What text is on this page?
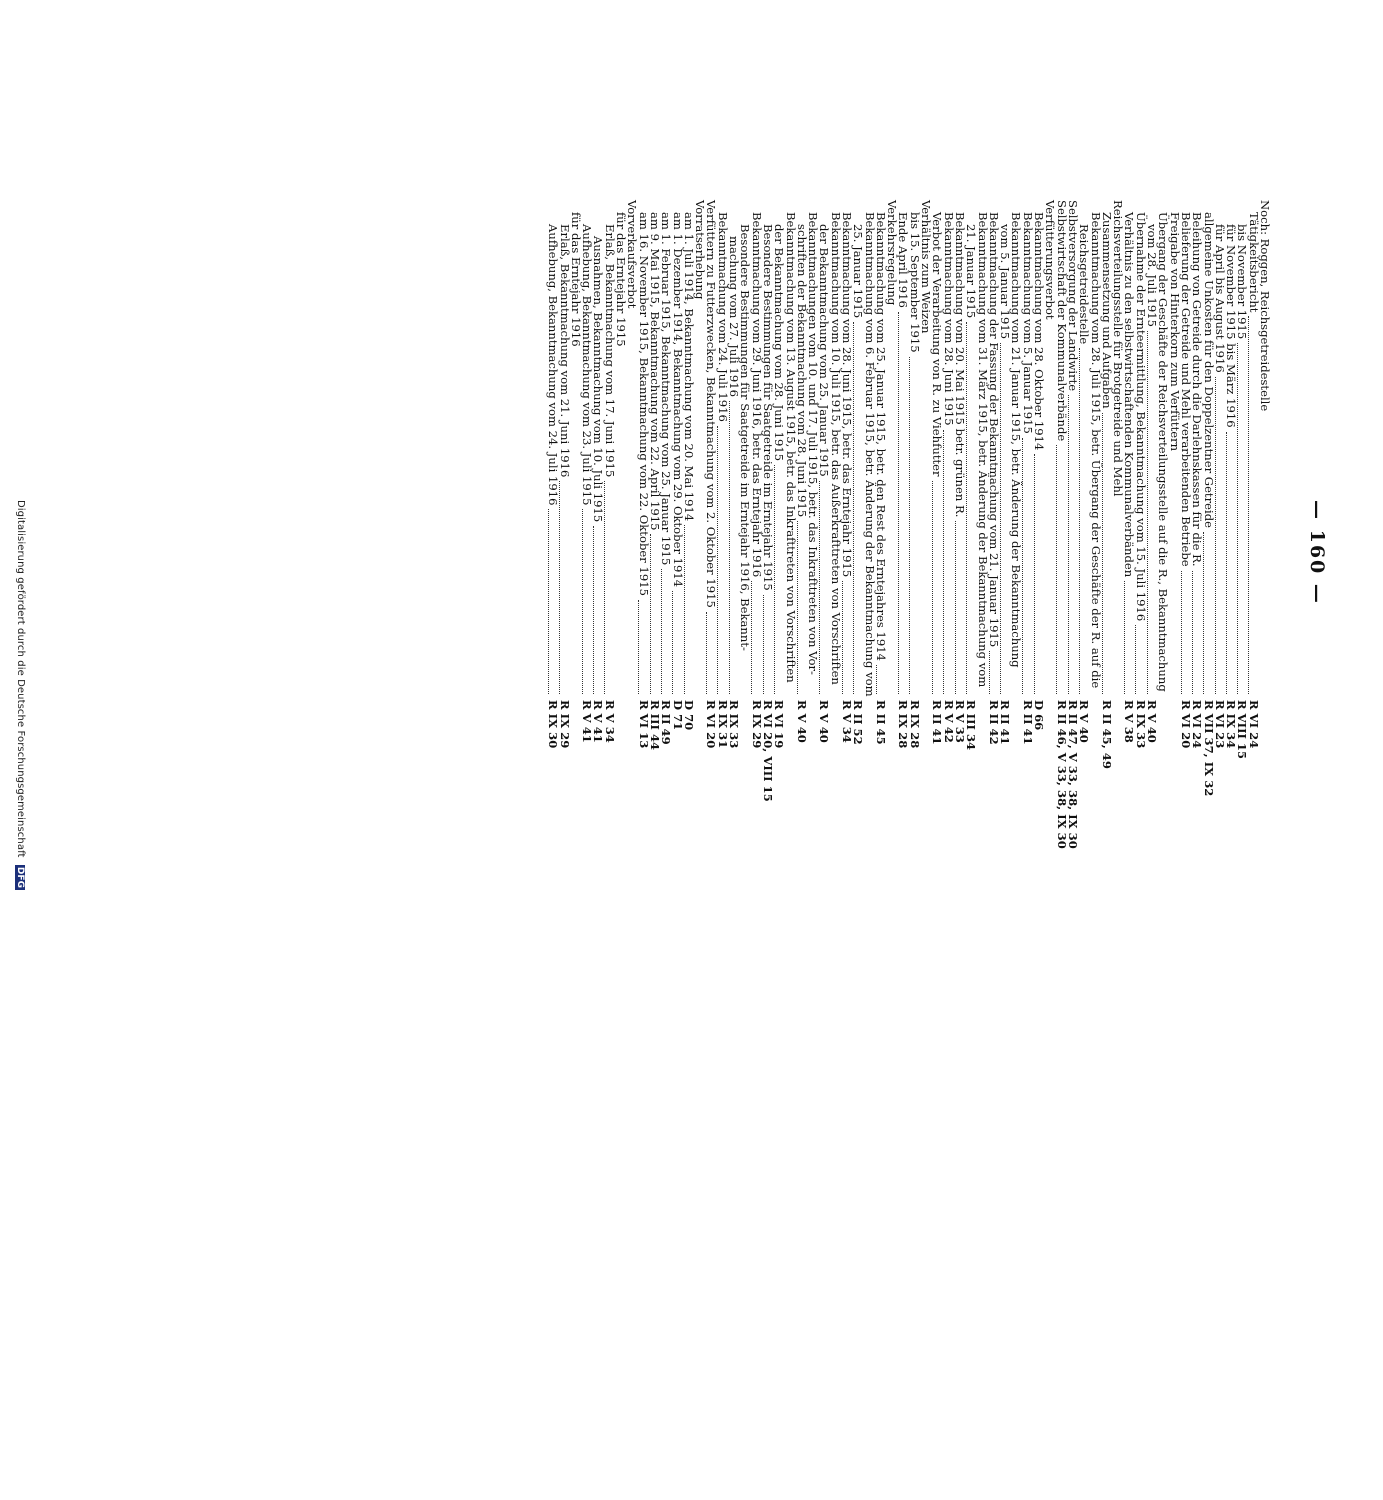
Digitalisierung gefördert durch die Deutsche Forschungsgemeinschaft DFG
— 160 —
Noch: Roggen, Reichsgetreidestelle
Tätigkeitsbericht
R VI 24
bis November 1915
R VIII 15
für November 1915 bis März 1916
R IX 34
für April bis August 1916
R VI 23
allgemeine Unkosten für den Doppelzentner Getreide
R VII 37, IX 32
Beleihung von Getreide durch die Darlehnskassen für die R.
R VI 24
Belieferung der Getreide und Mehl verarbeitenden Betriebe
R VI 20
Freigabe von Hinterkorn zum Verfüttern
Übergang der Geschäfte der Reichsverteilungsstelle auf die R., Bekanntmachung
vom 28. Juli 1915
R V 40
Übernahme der Ernteermittlung, Bekanntmachung vom 15. Juli 1916
R IX 33
Verhältnis zu den selbstwirtschaftenden Kommunalverbänden
R V 38
Reichsverteilungsstelle für Brotgetreide und Mehl
Zusammensetzung und Aufgaben
R II 45, 49
Bekanntmachung vom 28. Juli 1915, betr. Übergang der Geschäfte der R. auf die
Reichsgetreidestelle
R V 40
Selbstversorgung der Landwirte
R II 47, V 33, 38, IX 30
Selbstwirtschaft der Kommunalverbände
R II 46, V 33, 38, IX 30
Verfütterungsverbot
Bekanntmachung vom 28. Oktober 1914
D 66
Bekanntmachung vom 5. Januar 1915
R II 41
Bekanntmachung vom 21. Januar 1915, betr. Änderung der Bekanntmachung
vom 5. Januar 1915
R II 41
Bekanntmachung der Fassung der Bekanntmachung vom 21. Januar 1915
R II 42
Bekanntmachung vom 31. März 1915, betr. Änderung der Bekanntmachung vom
21. Januar 1915
R III 34
Bekanntmachung vom 20. Mai 1915 betr. grünen R.
R V 33
Bekanntmachung vom 28. Juni 1915
R V 42
Verbot der Verarbeitung von R. zu Viehfutter
R II 41
Verhältnis zum Weizen
bis 15. September 1915
R IX 28
Ende April 1916
R IX 28
Verkehrsregelung
Bekanntmachung vom 25. Januar 1915, betr. den Rest des Erntejahres 1914
R II 45
Bekanntmachung vom 6. Februar 1915, betr. Änderung der Bekanntmachung vom
25. Januar 1915
R II 52
Bekanntmachung vom 28. Juni 1915, betr. das Erntejahr 1915
R V 34
Bekanntmachung vom 10. Juli 1915, betr. das Außerkrafttreten von Vorschriften
der Bekanntmachung vom 25. Januar 1915
R V 40
Bekanntmachungen vom 10. und 17. Juli 1915, betr. das Inkrafttreten von Vor-
schriften der Bekanntmachung vom 28. Juni 1915
R V 40
Bekanntmachung vom 13. August 1915, betr. das Inkrafttreten von Vorschriften
der Bekanntmachung vom 28. Juni 1915
R VI 19
Besondere Bestimmungen für Saatgetreide im Erntejahr 1915
R VI 20, VIII 15
Bekanntmachung vom 29. Juni 1916, betr. das Erntejahr 1916
R IX 29
Besondere Bestimmungen für Saatgetreide im Erntejahr 1916, Bekannt-
machung vom 27. Juli 1916
R IX 33
Bekanntmachung vom 24. Juli 1916
R IX 31
Verfüttern zu Futterzwecken, Bekanntmachung vom 2. Oktober 1915
R VI 20
Vorratserhebung
am 1. Juli 1914, Bekanntmachung vom 20. Mai 1914
D 70
am 1. Dezember 1914, Bekanntmachung vom 29. Oktober 1914
D 71
am 1. Februar 1915, Bekanntmachung vom 25. Januar 1915
R II 49
am 9. Mai 1915, Bekanntmachung vom 22. April 1915
R III 44
am 16. November 1915, Bekanntmachung vom 22. Oktober 1915
R VI 13
Vorverkaufsverbot
für das Erntejahr 1915
Erlaß, Bekanntmachung vom 17. Juni 1915
R V 34
Ausnahmen, Bekanntmachung vom 10. Juli 1915
R V 41
Aufhebung, Bekanntmachung vom 23. Juli 1915
R V 41
für das Erntejahr 1916
Erlaß, Bekanntmachung vom 21. Juni 1916
R IX 29
Aufhebung, Bekanntmachung vom 24. Juli 1916
R IX 30
